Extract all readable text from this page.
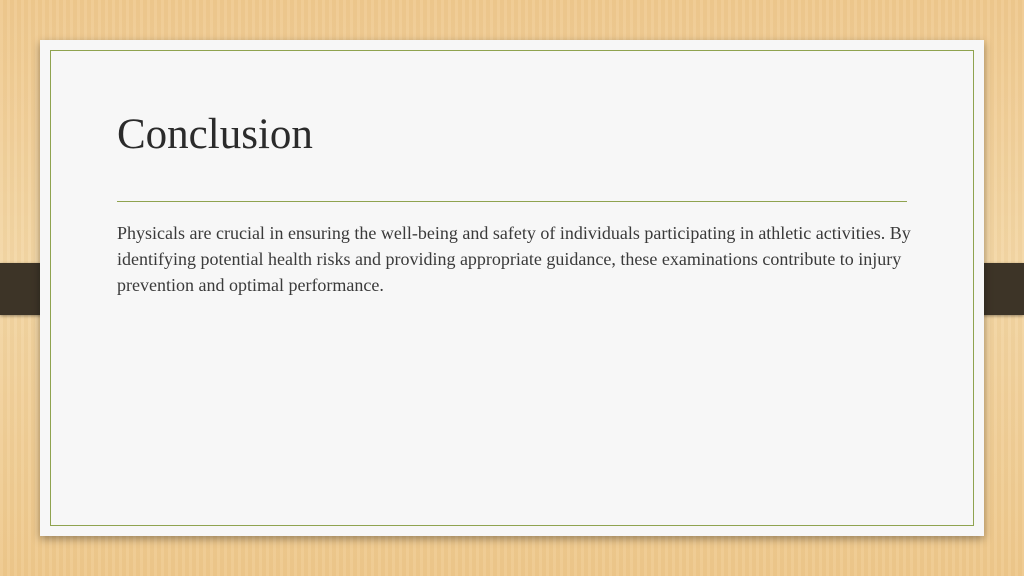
Conclusion

Physicals are crucial in ensuring the well-being and safety of individuals participating in athletic activities. By identifying potential health risks and providing appropriate guidance, these examinations contribute to injury prevention and optimal performance.
